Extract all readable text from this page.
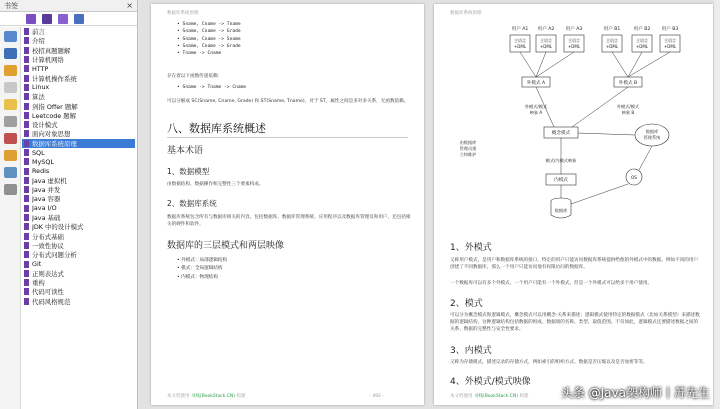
书签	×
前言
介绍
校招真题题解
计算机网络
HTTP
计算机操作系统
Linux
算法
剑指 Offer 题解
Leetcode 题解
设计模式
面向对象思想
数据库系统原理
SQL
MySQL
Redis
Java 虚拟机
Java 并发
Java 容器
Java I/O
Java 基础
JDK 中的设计模式
分布式基础
一致性协议
分布式问题分析
Git
正则表达式
重构
代码可读性
代码风格规范
数据库系统原理
• Sname, Cname -> Tname
• Sname, Cname -> Grade
• Sname, Cname -> Sname
• Sname, Cname -> Grade
• Tname -> Cname
存在着以下函数传递依赖：
• Sname -> Tname -> Cname
可以分解成 SC(Sname, Cname, Grade) 和 ST(Sname, Tname)，对于 ST，属性之间是多对多关系，无函数依赖。
八、数据库系统概述
基本术语
1、数据模型
由数据结构、数据操作和完整性三个要素构成。
2、数据库系统
数据库系统包含所有与数据库相关的内容，包括数据库、数据库管理系统、应用程序以及数据库管理员和用户，还包括相关的硬件和软件。
数据库的三层模式和两层映像
• 外模式：局部逻辑结构
• 模式：全局逻辑结构
• 内模式：物理结构
本文档使用 书栈(BookStack.CN) 构建	- 492 -
数据库系统原理
用户 A1 用户 A2 用户 A3	用户 B1	用户 B2 用户 B3
主语言
+DML
主语言
+DML
主语言
+DML
主语言
+DML
主语言
+DML
主语言
+DML
外模式 A	外模式 B
外模式/模式
映象 A
外模式/模式
映象 B
概念模式
模式/内模式映象
内模式
数据库
管理系统
由数据库
管理员建
立和维护
OS
数据库
1、外模式
又称用户模式，是用户和数据库系统的接口，特定的用户只能访问数据库系统提供给他的外模式中的数据。例如不同的用户创建了不同数据库，那么一个用户只能访问他有权限访问的数据库。
一个数据库可以有多个外模式，一个用户只能有一个外模式，但是一个外模式可以给多个用户使用。
2、模式
可以分为概念模式和逻辑模式，概念模式可以用概念-关系来描述；逻辑模式使用特定的数据模式（比如关系模型）来描述数据的逻辑结构，这种逻辑结构包括数据的组成、数据项的名称、类型、取值范围。不仅如此，逻辑模式还要描述数据之间的关系、数据的完整性与安全性要求。
3、内模式
又称为存储模式，描述记录的存储方式，例如索引的组织方式、数据是否压缩以及是否加密等等。
4、外模式/模式映像
本文档使用 书栈(BookStack.CN) 构建	头条 @Java架构师丨苏先生
